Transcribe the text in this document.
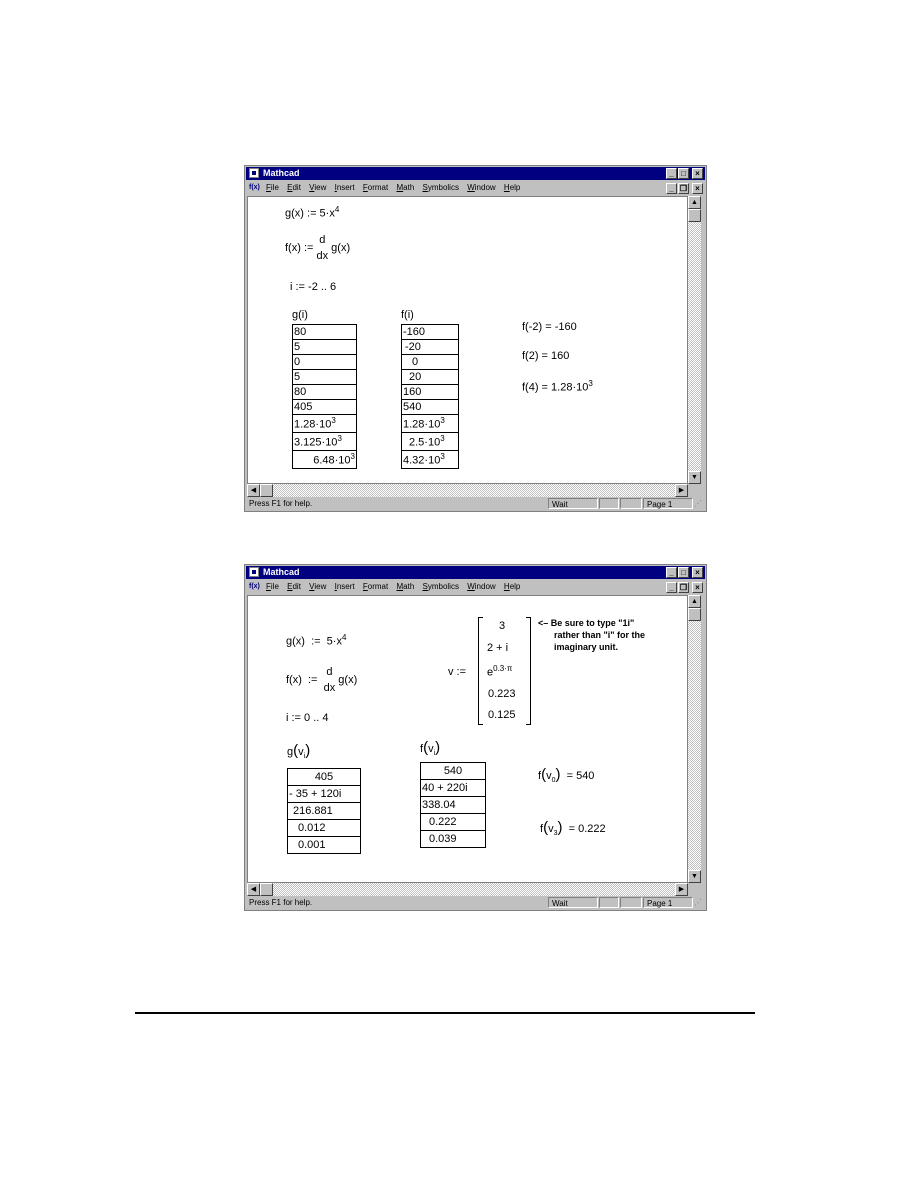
Mathcad	_ □	×
f(x) File Edit View Insert Format Math Symbolics Window Help	_ ❐	×
g(x) := $5\cdot x^4$
f(x) :=
d
dx
g(x)
i := -2 .. 6
g(i)
80
5
0
5
80
405
$1.28\cdot 10^3$
$3.125\cdot 10^3$
$6.48\cdot 10^3$
f(i)
-160
-20
0
20
160
540
$1.28\cdot 10^3$
$2.5\cdot 10^3$
$4.32\cdot 10^3$
f(-2) = -160
f(2) = 160
$f(4) = 1.28\cdot 10^3$
▲
▼
◀	▶
Press F1 for help.	Wait	Page 1	⋰
Mathcad	_ □	×
f(x) File Edit View Insert Format Math Symbolics Window Help	_ ❐	×
g(x)  :=  $5\cdot x^4$
f(x)  :=
d
dx
g(x)
i := 0 .. 4
v :=
3
2 + i
$e^{0.3\cdot\pi}$
0.223
0.125
<– Be sure to type "1i"
rather than "i" for the
imaginary unit.
$g(v_i)$
405
- 35 + 120i
216.881
0.012
0.001
$f(v_i)$
540
40 + 220i
338.04
0.222
0.039
$f(v_0) = 540$
$f(v_3) = 0.222$
▲
▼
◀	▶
Press F1 for help.	Wait	Page 1	⋰
